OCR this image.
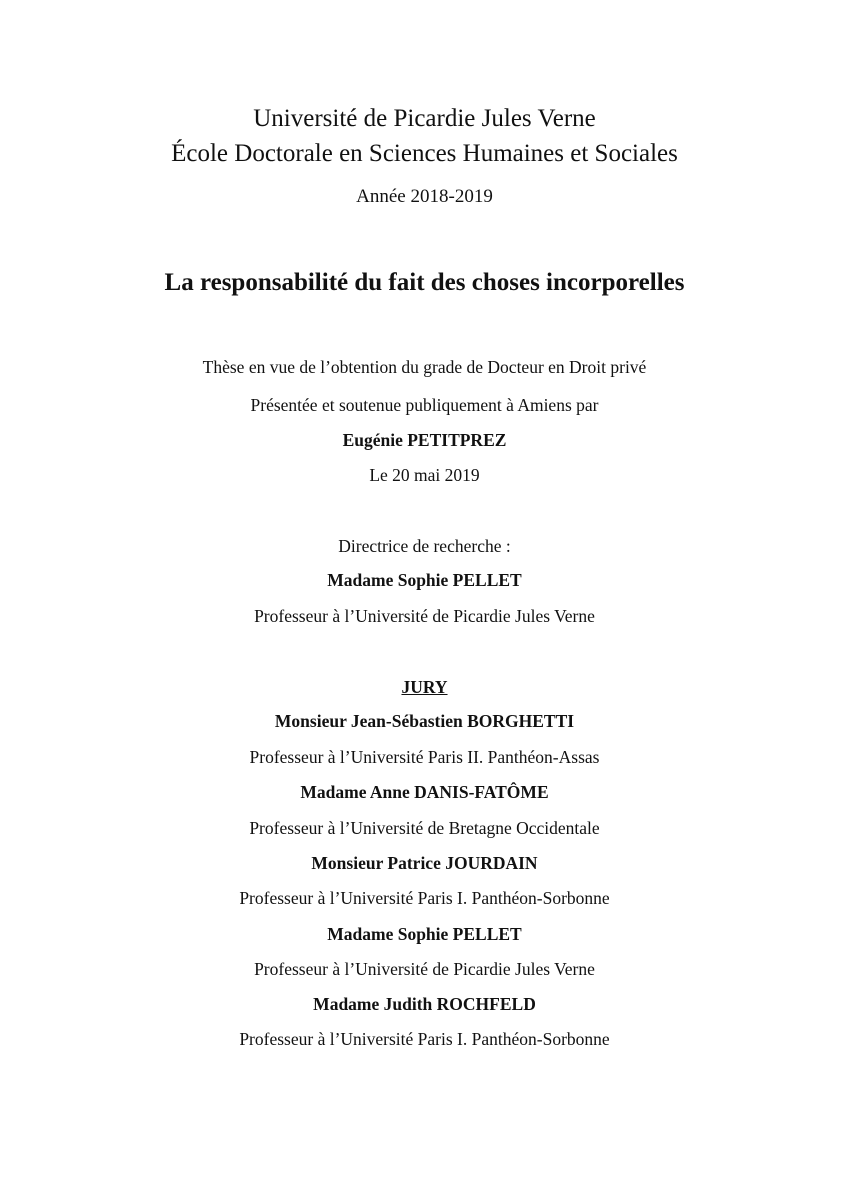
Université de Picardie Jules Verne
École Doctorale en Sciences Humaines et Sociales
Année 2018-2019
La responsabilité du fait des choses incorporelles
Thèse en vue de l’obtention du grade de Docteur en Droit privé
Présentée et soutenue publiquement à Amiens par
Eugénie PETITPREZ
Le 20 mai 2019
Directrice de recherche :
Madame Sophie PELLET
Professeur à l’Université de Picardie Jules Verne
JURY
Monsieur Jean-Sébastien BORGHETTI
Professeur à l’Université Paris II. Panthéon-Assas
Madame Anne DANIS-FATÔME
Professeur à l’Université de Bretagne Occidentale
Monsieur Patrice JOURDAIN
Professeur à l’Université Paris I. Panthéon-Sorbonne
Madame Sophie PELLET
Professeur à l’Université de Picardie Jules Verne
Madame Judith ROCHFELD
Professeur à l’Université Paris I. Panthéon-Sorbonne
